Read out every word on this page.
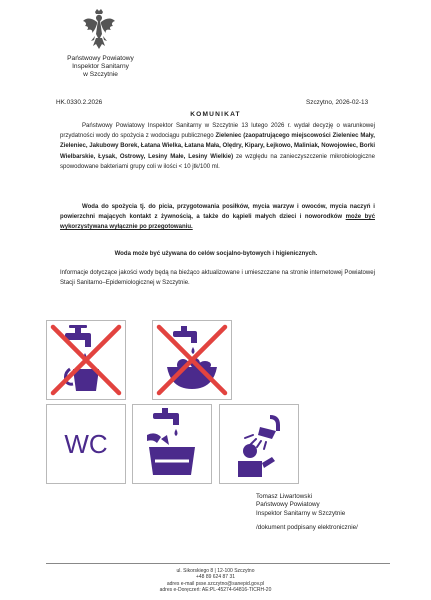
Państwowy Powiatowy
Inspektor Sanitarny
w Szczytnie
HK.0330.2.2026	Szczytno, 2026-02-13
KOMUNIKAT
Państwowy Powiatowy Inspektor Sanitarny w Szczytnie 13 lutego 2026 r. wydał decyzję o warunkowej przydatności wody do spożycia z wodociągu publicznego Zieleniec (zaopatrującego miejscowości Zieleniec Mały, Zieleniec, Jakubowy Borek, Łatana Wielka, Łatana Mała, Olędry, Kipary, Łejkowo, Maliniak, Nowojowiec, Borki Wielbarskie, Łysak, Ostrowy, Lesiny Małe, Lesiny Wielkie) ze względu na zanieczyszczenie mikrobiologiczne spowodowane bakteriami grupy coli w ilości < 10 jtk/100 ml.
Woda do spożycia tj. do picia, przygotowania posiłków, mycia warzyw i owoców, mycia naczyń i powierzchni mających kontakt z żywnością, a także do kąpieli małych dzieci i noworodków może być wykorzystywana wyłącznie po przegotowaniu.
Woda może być używana do celów socjalno-bytowych i higienicznych.
Informacje dotyczące jakości wody będą na bieżąco aktualizowane i umieszczane na stronie internetowej Powiatowej Stacji Sanitarno–Epidemiologicznej w Szczytnie.
WC
Tomasz Liwartowski
Państwowy Powiatowy
Inspektor Sanitarny w Szczytnie
/dokument podpisany elektronicznie/
ul. Sikorskiego 8 | 12-100 Szczytno
+48 89 624 87 31
adres e-mail psse.szczytno@sanepid.gov.pl
adres e-Doręczeń: AE:PL-45274-64816-TICRH-20
